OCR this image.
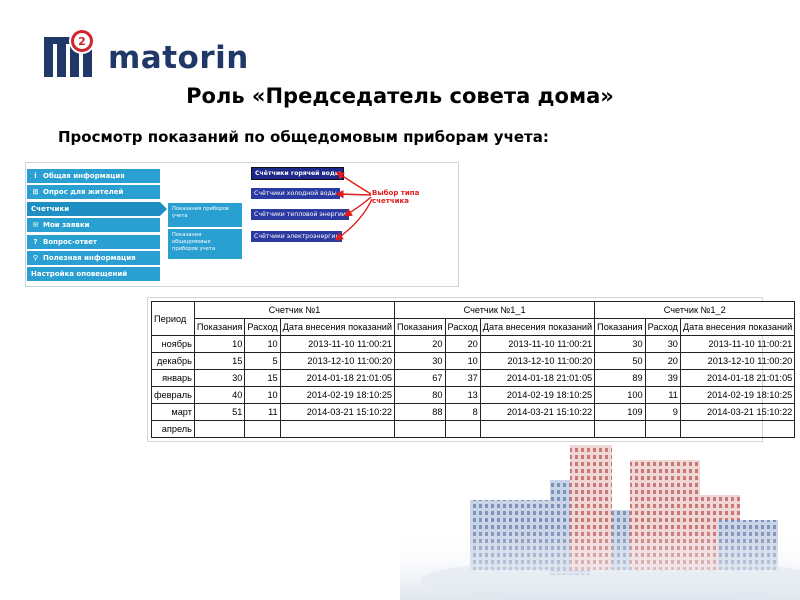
2 matorin
Роль «Председатель совета дома»
Просмотр показаний по общедомовым приборам учета:
i Общая информация
⊞ Опрос для жителей
Счетчики
✉ Мои заявки
? Вопрос-ответ
⚲ Полезная информация
Настройка оповещений
Показания приборов учета
Показания общедомовых приборов учета
Счётчики горячей воды
Счётчики холодной воды
Счётчики тепловой энергии
Счётчики электроэнергии
Выбор типа счетчика
Период	Счетчик №1			Счетчик №1_1			Счетчик №1_2		
	Показания	Расход	Дата внесения показаний	Показания	Расход	Дата внесения показаний	Показания	Расход	Дата внесения показаний
ноябрь	10	10	2013-11-10 11:00:21	20	20	2013-11-10 11:00:21	30	30	2013-11-10 11:00:21
декабрь	15	5	2013-12-10 11:00:20	30	10	2013-12-10 11:00:20	50	20	2013-12-10 11:00:20
январь	30	15	2014-01-18 21:01:05	67	37	2014-01-18 21:01:05	89	39	2014-01-18 21:01:05
февраль	40	10	2014-02-19 18:10:25	80	13	2014-02-19 18:10:25	100	11	2014-02-19 18:10:25
март	51	11	2014-03-21 15:10:22	88	8	2014-03-21 15:10:22	109	9	2014-03-21 15:10:22
апрель									
